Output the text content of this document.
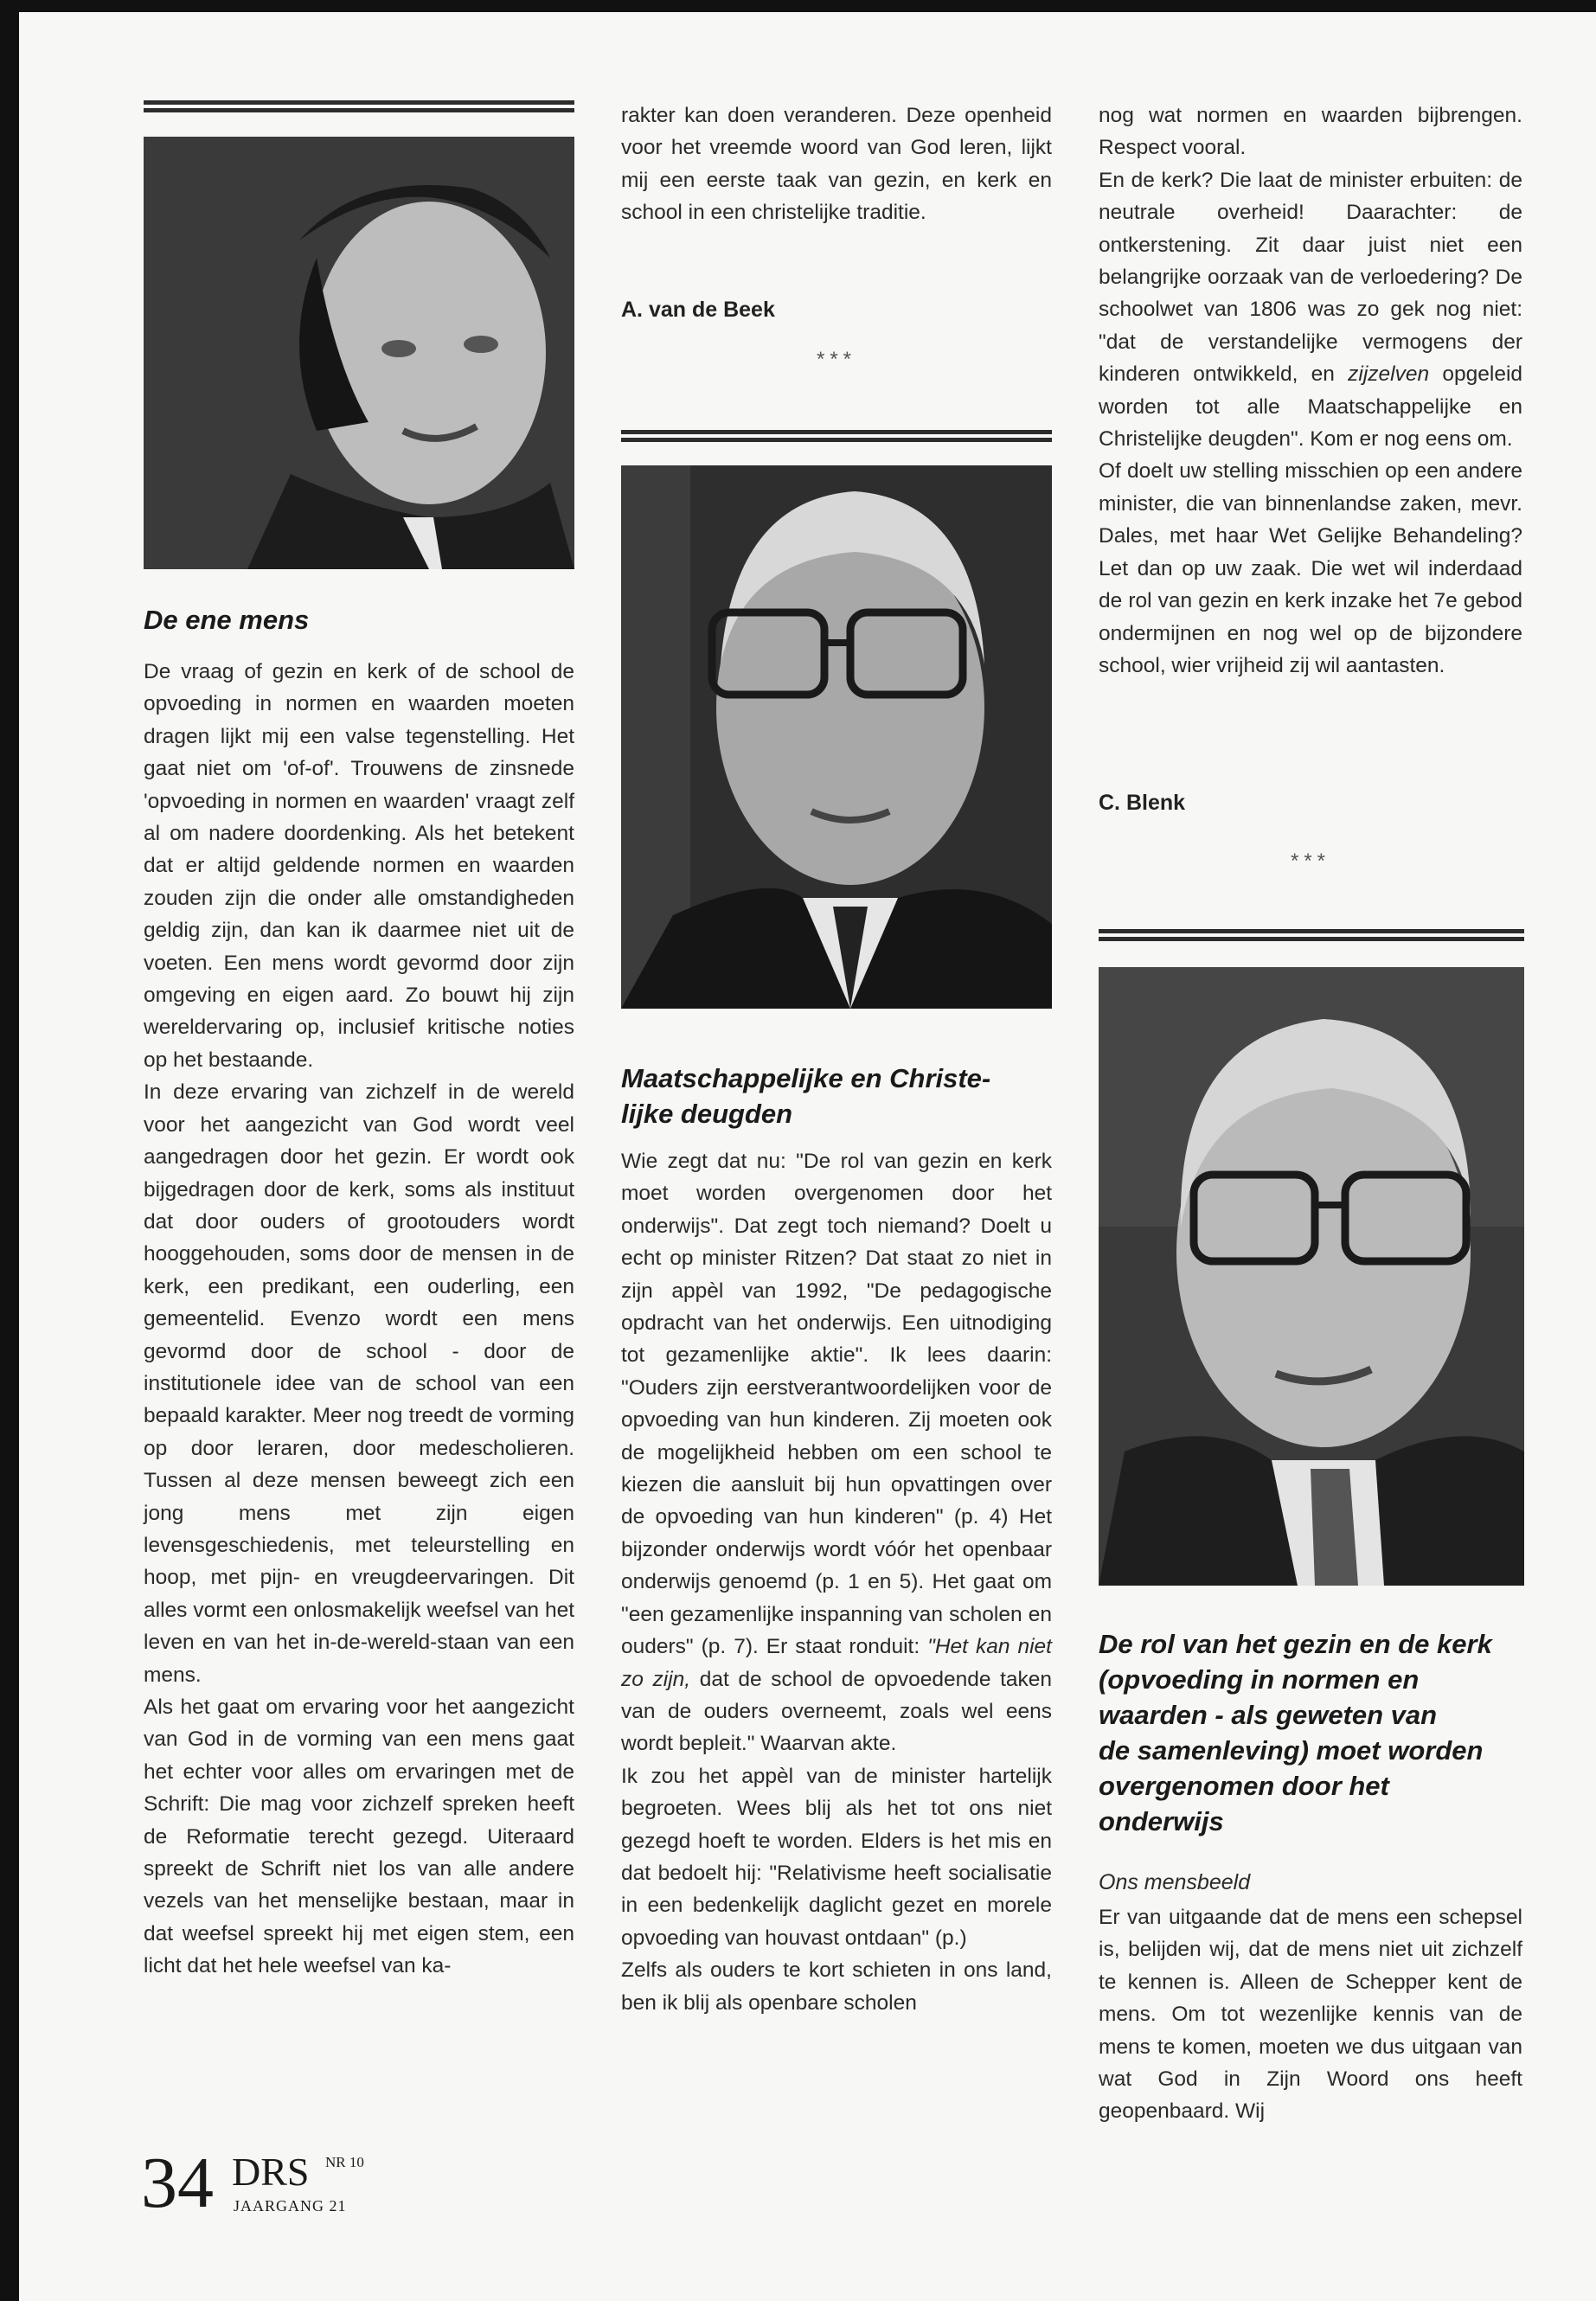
De ene mens

De vraag of gezin en kerk of de school de opvoeding in normen en waarden moeten dragen lijkt mij een valse tegenstelling. Het gaat niet om 'of-of'. Trouwens de zinsnede 'opvoeding in normen en waarden' vraagt zelf al om nadere doordenking. Als het betekent dat er altijd geldende normen en waarden zouden zijn die onder alle omstandigheden geldig zijn, dan kan ik daarmee niet uit de voeten. Een mens wordt gevormd door zijn omgeving en eigen aard. Zo bouwt hij zijn wereldervaring op, inclusief kritische noties op het bestaande.

In deze ervaring van zichzelf in de wereld voor het aangezicht van God wordt veel aangedragen door het gezin. Er wordt ook bijgedragen door de kerk, soms als instituut dat door ouders of grootouders wordt hooggehouden, soms door de mensen in de kerk, een predikant, een ouderling, een gemeentelid. Evenzo wordt een mens gevormd door de school - door de institutionele idee van de school van een bepaald karakter. Meer nog treedt de vorming op door leraren, door medescholieren. Tussen al deze mensen beweegt zich een jong mens met zijn eigen levensgeschiedenis, met teleurstelling en hoop, met pijn- en vreugdeervaringen. Dit alles vormt een onlosmakelijk weefsel van het leven en van het in-de-wereld-staan van een mens.

Als het gaat om ervaring voor het aangezicht van God in de vorming van een mens gaat het echter voor alles om ervaringen met de Schrift: Die mag voor zichzelf spreken heeft de Reformatie terecht gezegd. Uiteraard spreekt de Schrift niet los van alle andere vezels van het menselijke bestaan, maar in dat weefsel spreekt hij met eigen stem, een licht dat het hele weefsel van ka-

rakter kan doen veranderen. Deze openheid voor het vreemde woord van God leren, lijkt mij een eerste taak van gezin, en kerk en school in een christelijke traditie.

A. van de Beek
***
Maatschappelijke en Christe-
lijke deugden

Wie zegt dat nu: "De rol van gezin en kerk moet worden overgenomen door het onderwijs". Dat zegt toch niemand? Doelt u echt op minister Ritzen? Dat staat zo niet in zijn appèl van 1992, "De pedagogische opdracht van het onderwijs. Een uitnodiging tot gezamenlijke aktie". Ik lees daarin: "Ouders zijn eerstverantwoordelijken voor de opvoeding van hun kinderen. Zij moeten ook de mogelijkheid hebben om een school te kiezen die aansluit bij hun opvattingen over de opvoeding van hun kinderen" (p. 4) Het bijzonder onderwijs wordt vóór het openbaar onderwijs genoemd (p. 1 en 5). Het gaat om "een gezamenlijke inspanning van scholen en ouders" (p. 7). Er staat ronduit: "Het kan niet zo zijn, dat de school de opvoedende taken van de ouders overneemt, zoals wel eens wordt bepleit." Waarvan akte.

Ik zou het appèl van de minister hartelijk begroeten. Wees blij als het tot ons niet gezegd hoeft te worden. Elders is het mis en dat bedoelt hij: "Relativisme heeft socialisatie in een bedenkelijk daglicht gezet en morele opvoeding van houvast ontdaan" (p.)

Zelfs als ouders te kort schieten in ons land, ben ik blij als openbare scholen

nog wat normen en waarden bijbrengen. Respect vooral.

En de kerk? Die laat de minister erbuiten: de neutrale overheid! Daarachter: de ontkerstening. Zit daar juist niet een belangrijke oorzaak van de verloedering? De schoolwet van 1806 was zo gek nog niet: "dat de verstandelijke vermogens der kinderen ontwikkeld, en zijzelven opgeleid worden tot alle Maatschappelijke en Christelijke deugden". Kom er nog eens om.

Of doelt uw stelling misschien op een andere minister, die van binnenlandse zaken, mevr. Dales, met haar Wet Gelijke Behandeling? Let dan op uw zaak. Die wet wil inderdaad de rol van gezin en kerk inzake het 7e gebod ondermijnen en nog wel op de bijzondere school, wier vrijheid zij wil aantasten.

C. Blenk
***
De rol van het gezin en de kerk
(opvoeding in normen en
waarden - als geweten van
de samenleving) moet worden
overgenomen door het
onderwijs
Ons mensbeeld

Er van uitgaande dat de mens een schepsel is, belijden wij, dat de mens niet uit zichzelf te kennen is. Alleen de Schepper kent de mens. Om tot wezenlijke kennis van de mens te komen, moeten we dus uitgaan van wat God in Zijn Woord ons heeft geopenbaard. Wij

34 DRS NR 10
JAARGANG 21
